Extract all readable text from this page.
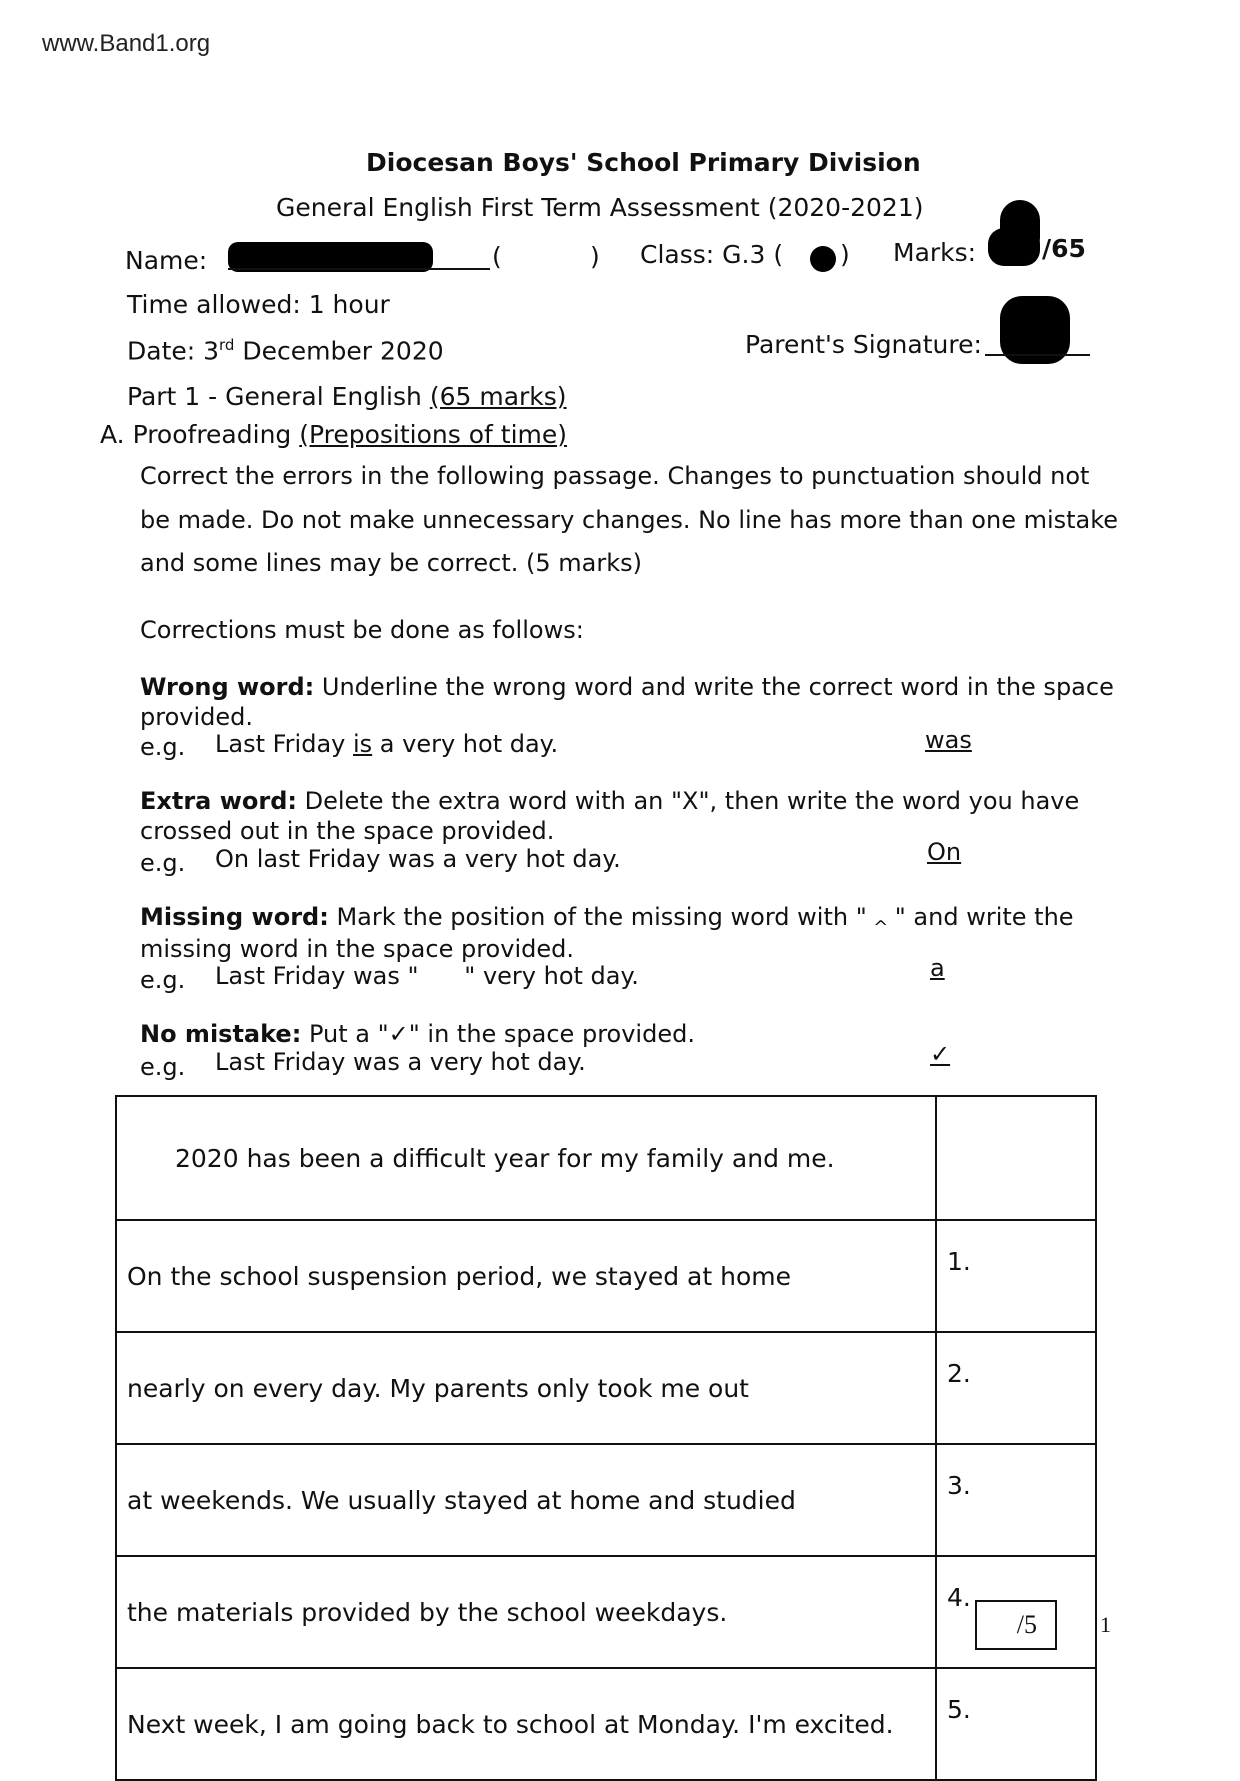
www.Band1.org
Diocesan Boys' School Primary Division
General English First Term Assessment (2020-2021)
Name:	(	) Class: G.3 ( ) Marks:	/65
Time allowed: 1 hour
Date: 3rd December 2020	Parent's Signature:
Part 1 - General English (65 marks)
A. Proofreading (Prepositions of time)
Correct the errors in the following passage. Changes to punctuation should not
be made. Do not make unnecessary changes. No line has more than one mistake
and some lines may be correct. (5 marks)
Corrections must be done as follows:
Wrong word: Underline the wrong word and write the correct word in the space
provided.
e.g. Last Friday is a very hot day.	was
Extra word: Delete the extra word with an "X", then write the word you have
crossed out in the space provided.
e.g. On last Friday was a very hot day.	On
Missing word: Mark the position of the missing word with " ^ " and write the
missing word in the space provided.
e.g. Last Friday was "      " very hot day.	a
No mistake: Put a "✓" in the space provided.
e.g. Last Friday was a very hot day.	✓
2020 has been a difficult year for my family and me.	
On the school suspension period, we stayed at home	1.
nearly on every day. My parents only took me out	2.
at weekends. We usually stayed at home and studied	3.
the materials provided by the school weekdays.	4.
Next week, I am going back to school at Monday. I'm excited.	5.
/5	1
